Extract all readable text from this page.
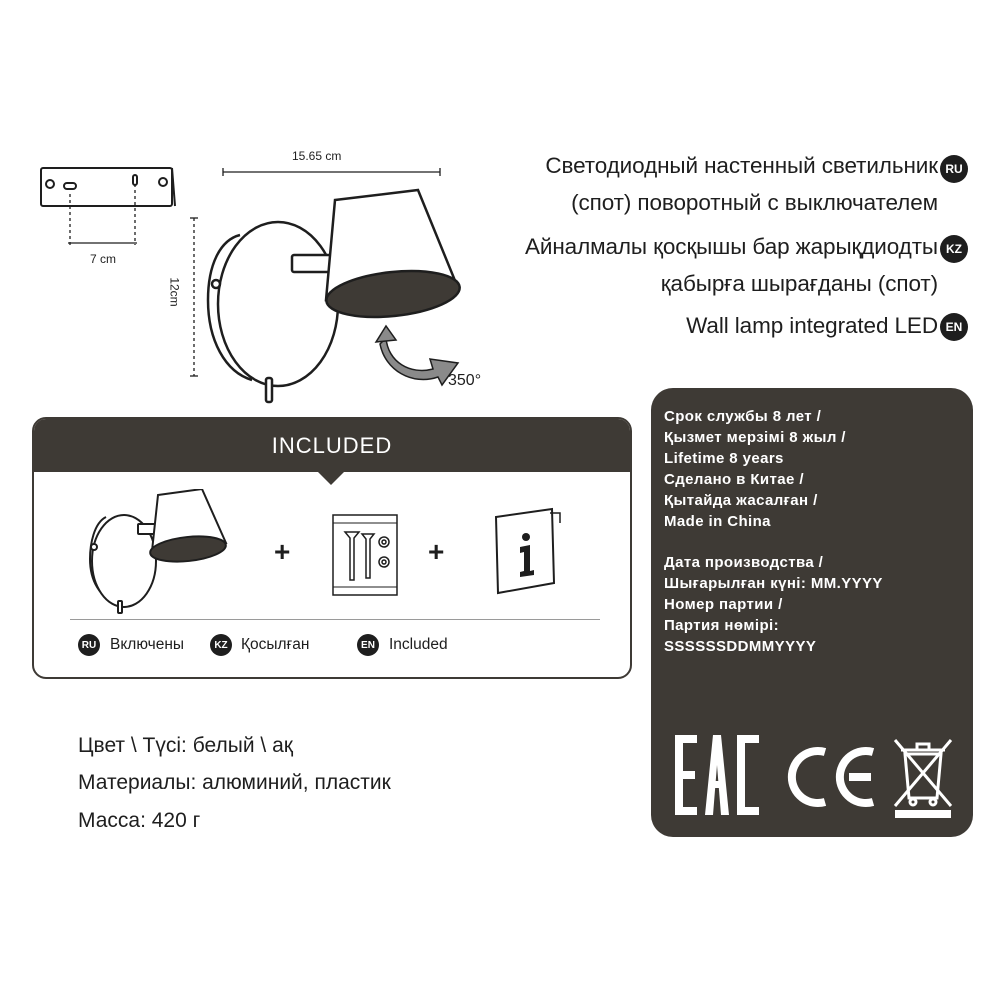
15.65 cm
7 cm
12cm
350°
Светодиодный настенный светильник RU
(спот) поворотный с выключателем
Айналмалы қосқышы бар жарықдиодты KZ
қабырға шырағданы (спот)
Wall lamp integrated LED EN
INCLUDED
+	+
RU Включены	KZ Қосылған	EN Included
Цвет \ Түсі: белый \ ақ
Материалы: алюминий, пластик
Масса: 420 г
Срок службы 8 лет /
Қызмет мерзімі 8 жыл /
Lifetime 8 years
Сделано в Китае /
Қытайда жасалған /
Made in China
Дата производства /
Шығарылған күні: MM.YYYY
Номер партии /
Партия нөмірі:
SSSSSSDDMMYYYY
